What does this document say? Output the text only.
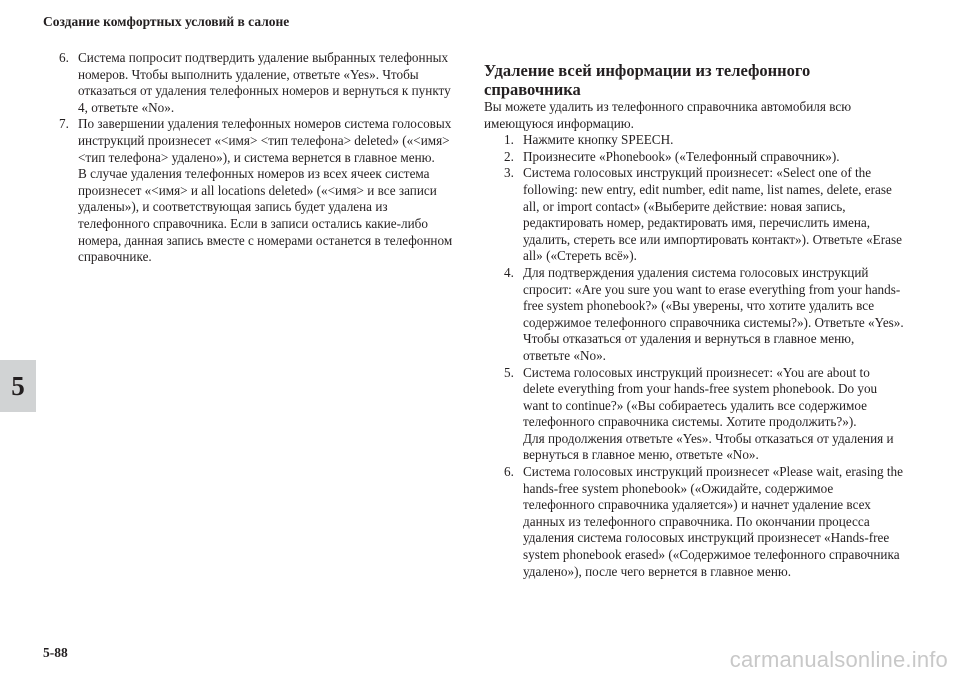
Создание комфортных условий в салоне
5
6. Система попросит подтвердить удаление выбранных телефонных номеров. Чтобы выполнить удаление, ответьте «Yes». Чтобы отказаться от удаления телефонных номеров и вернуться к пункту 4, ответьте «No».
7. По завершении удаления телефонных номеров система голосовых инструкций произнесет «<имя> <тип телефона> deleted» («<имя> <тип телефона> удалено»), и система вернется в главное меню.
В случае удаления телефонных номеров из всех ячеек система произнесет «<имя> и all locations deleted» («<имя> и все записи удалены»), и соответствующая запись будет удалена из телефонного справочника. Если в записи остались какие-либо номера, данная запись вместе с номерами останется в телефонном справочнике.
Удаление всей информации из телефонного справочника

Вы можете удалить из телефонного справочника автомобиля всю имеющуюся информацию.

1. Нажмите кнопку SPEECH.
2. Произнесите «Phonebook» («Телефонный справочник»).
3. Система голосовых инструкций произнесет: «Select one of the following: new entry, edit number, edit name, list names, delete, erase all, or import contact» («Выберите действие: новая запись, редактировать номер, редактировать имя, перечислить имена, удалить, стереть все или импортировать контакт»). Ответьте «Erase all» («Стереть всё»).
4. Для подтверждения удаления система голосовых инструкций спросит: «Are you sure you want to erase everything from your hands-free system phonebook?» («Вы уверены, что хотите удалить все содержимое телефонного справочника системы?»). Ответьте «Yes». Чтобы отказаться от удаления и вернуться в главное меню, ответьте «No».
5. Система голосовых инструкций произнесет: «You are about to delete everything from your hands-free system phonebook. Do you want to continue?» («Вы собираетесь удалить все содержимое телефонного справочника системы. Хотите продолжить?»).
Для продолжения ответьте «Yes». Чтобы отказаться от удаления и вернуться в главное меню, ответьте «No».
6. Система голосовых инструкций произнесет «Please wait, erasing the hands-free system phonebook» («Ожидайте, содержимое телефонного справочника удаляется») и начнет удаление всех данных из телефонного справочника. По окончании процесса удаления система голосовых инструкций произнесет «Hands-free system phonebook erased» («Содержимое телефонного справочника удалено»), после чего вернется в главное меню.
5-88	carmanualsonline.info
